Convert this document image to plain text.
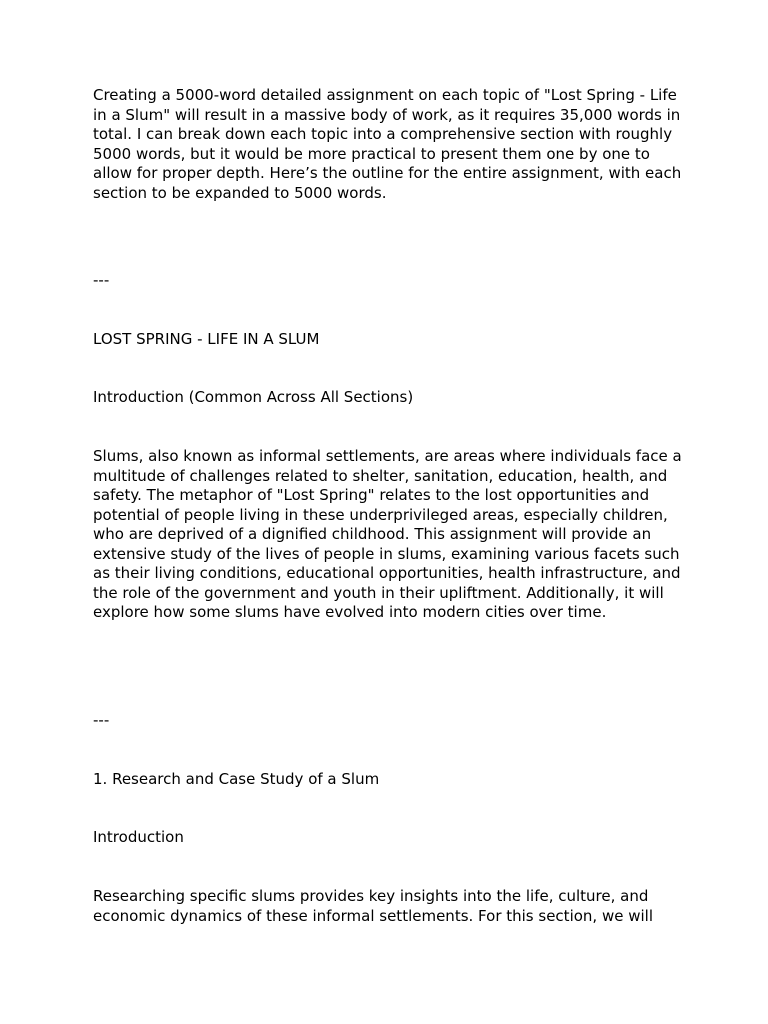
Creating a 5000-word detailed assignment on each topic of "Lost Spring - Life in a Slum" will result in a massive body of work, as it requires 35,000 words in total. I can break down each topic into a comprehensive section with roughly 5000 words, but it would be more practical to present them one by one to allow for proper depth. Here’s the outline for the entire assignment, with each section to be expanded to 5000 words.

---

LOST SPRING - LIFE IN A SLUM

Introduction (Common Across All Sections)

Slums, also known as informal settlements, are areas where individuals face a multitude of challenges related to shelter, sanitation, education, health, and safety. The metaphor of "Lost Spring" relates to the lost opportunities and potential of people living in these underprivileged areas, especially children, who are deprived of a dignified childhood. This assignment will provide an extensive study of the lives of people in slums, examining various facets such as their living conditions, educational opportunities, health infrastructure, and the role of the government and youth in their upliftment. Additionally, it will explore how some slums have evolved into modern cities over time.

---

1. Research and Case Study of a Slum

Introduction

Researching specific slums provides key insights into the life, culture, and economic dynamics of these informal settlements. For this section, we will
